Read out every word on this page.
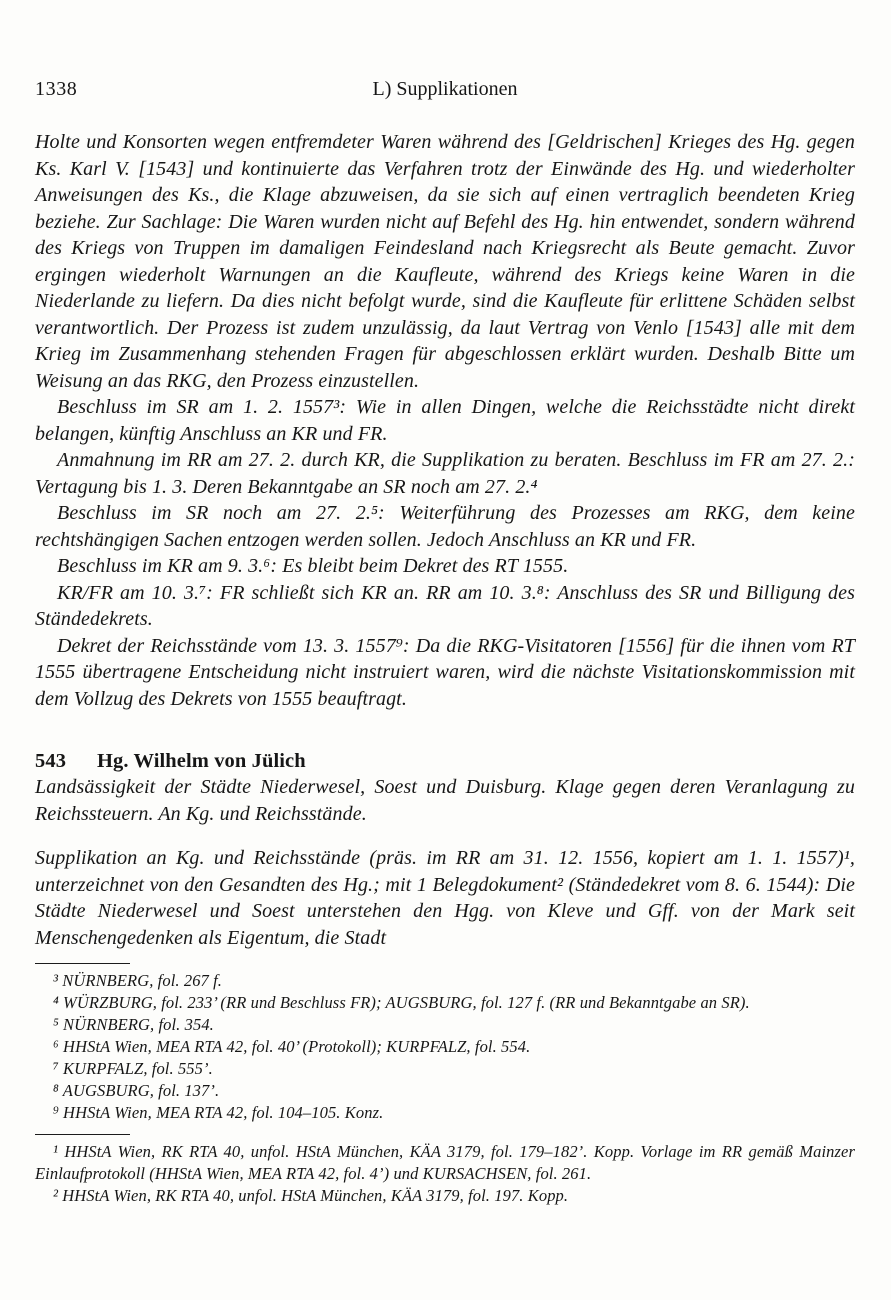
1338	L) Supplikationen

Holte und Konsorten wegen entfremdeter Waren während des [Geldrischen] Krieges des Hg. gegen Ks. Karl V. [1543] und kontinuierte das Verfahren trotz der Einwände des Hg. und wiederholter Anweisungen des Ks., die Klage abzuweisen, da sie sich auf einen vertraglich beendeten Krieg beziehe. Zur Sachlage: Die Waren wurden nicht auf Befehl des Hg. hin entwendet, sondern während des Kriegs von Truppen im damaligen Feindesland nach Kriegsrecht als Beute gemacht. Zuvor ergingen wiederholt Warnungen an die Kaufleute, während des Kriegs keine Waren in die Niederlande zu liefern. Da dies nicht befolgt wurde, sind die Kaufleute für erlittene Schäden selbst verantwortlich. Der Prozess ist zudem unzulässig, da laut Vertrag von Venlo [1543] alle mit dem Krieg im Zusammenhang stehenden Fragen für abgeschlossen erklärt wurden. Deshalb Bitte um Weisung an das RKG, den Prozess einzustellen.

Beschluss im SR am 1. 2. 1557³: Wie in allen Dingen, welche die Reichsstädte nicht direkt belangen, künftig Anschluss an KR und FR.

Anmahnung im RR am 27. 2. durch KR, die Supplikation zu beraten. Beschluss im FR am 27. 2.: Vertagung bis 1. 3. Deren Bekanntgabe an SR noch am 27. 2.⁴

Beschluss im SR noch am 27. 2.⁵: Weiterführung des Prozesses am RKG, dem keine rechtshängigen Sachen entzogen werden sollen. Jedoch Anschluss an KR und FR.

Beschluss im KR am 9. 3.⁶: Es bleibt beim Dekret des RT 1555.

KR/FR am 10. 3.⁷: FR schließt sich KR an. RR am 10. 3.⁸: Anschluss des SR und Billigung des Ständedekrets.

Dekret der Reichsstände vom 13. 3. 1557⁹: Da die RKG-Visitatoren [1556] für die ihnen vom RT 1555 übertragene Entscheidung nicht instruiert waren, wird die nächste Visitationskommission mit dem Vollzug des Dekrets von 1555 beauftragt.

543	Hg. Wilhelm von Jülich

Landsässigkeit der Städte Niederwesel, Soest und Duisburg. Klage gegen deren Veranlagung zu Reichssteuern. An Kg. und Reichsstände.

Supplikation an Kg. und Reichsstände (präs. im RR am 31. 12. 1556, kopiert am 1. 1. 1557)¹, unterzeichnet von den Gesandten des Hg.; mit 1 Belegdokument² (Ständedekret vom 8. 6. 1544): Die Städte Niederwesel und Soest unterstehen den Hgg. von Kleve und Gff. von der Mark seit Menschengedenken als Eigentum, die Stadt

³ NÜRNBERG, fol. 267 f.

⁴ WÜRZBURG, fol. 233’ (RR und Beschluss FR); AUGSBURG, fol. 127 f. (RR und Bekanntgabe an SR).

⁵ NÜRNBERG, fol. 354.

⁶ HHStA Wien, MEA RTA 42, fol. 40’ (Protokoll); KURPFALZ, fol. 554.

⁷ KURPFALZ, fol. 555’.

⁸ AUGSBURG, fol. 137’.

⁹ HHStA Wien, MEA RTA 42, fol. 104–105. Konz.

¹ HHStA Wien, RK RTA 40, unfol. HStA München, KÄA 3179, fol. 179–182’. Kopp. Vorlage im RR gemäß Mainzer Einlaufprotokoll (HHStA Wien, MEA RTA 42, fol. 4’) und KURSACHSEN, fol. 261.

² HHStA Wien, RK RTA 40, unfol. HStA München, KÄA 3179, fol. 197. Kopp.
